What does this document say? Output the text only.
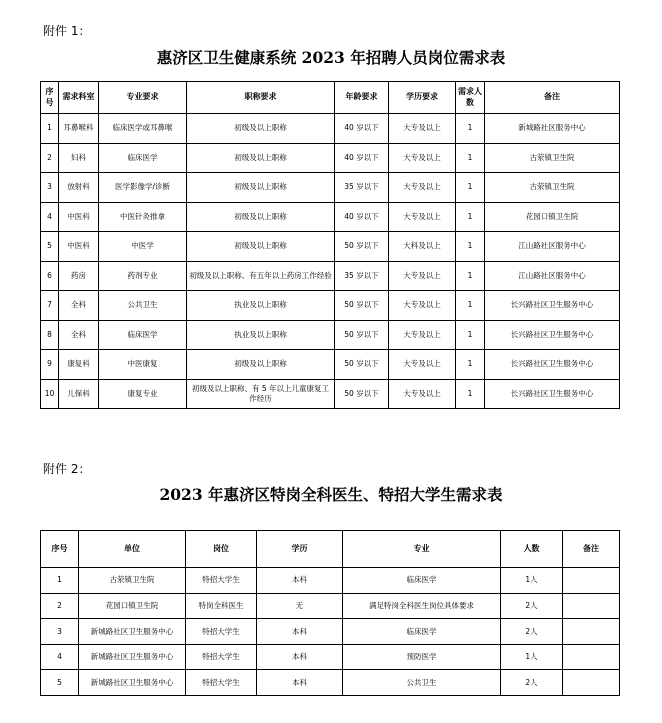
附件 1：
惠济区卫生健康系统 2023 年招聘人员岗位需求表
序号	需求科室	专业要求	职称要求	年龄要求	学历要求	需求人数	备注
1	耳鼻喉科	临床医学或耳鼻喉	初级及以上职称	40 岁以下	大专及以上	1	新城路社区服务中心
2	妇科	临床医学	初级及以上职称	40 岁以下	大专及以上	1	古荥镇卫生院
3	放射科	医学影像学/诊断	初级及以上职称	35 岁以下	大专及以上	1	古荥镇卫生院
4	中医科	中医针灸推拿	初级及以上职称	40 岁以下	大专及以上	1	花园口镇卫生院
5	中医科	中医学	初级及以上职称	50 岁以下	大科及以上	1	江山路社区服务中心
6	药房	药剂专业	初级及以上职称、有五年以上药房工作经验	35 岁以下	大专及以上	1	江山路社区服务中心
7	全科	公共卫生	执业及以上职称	50 岁以下	大专及以上	1	长兴路社区卫生服务中心
8	全科	临床医学	执业及以上职称	50 岁以下	大专及以上	1	长兴路社区卫生服务中心
9	康复科	中医康复	初级及以上职称	50 岁以下	大专及以上	1	长兴路社区卫生服务中心
10	儿保科	康复专业	初级及以上职称、有 5 年以上儿童康复工作经历	50 岁以下	大专及以上	1	长兴路社区卫生服务中心
附件 2：
2023 年惠济区特岗全科医生、特招大学生需求表
序号	单位	岗位	学历	专业	人数	备注
1	古荥镇卫生院	特招大学生	本科	临床医学	1人	
2	花园口镇卫生院	特岗全科医生	无	满足特岗全科医生岗位具体要求	2人	
3	新城路社区卫生服务中心	特招大学生	本科	临床医学	2人	
4	新城路社区卫生服务中心	特招大学生	本科	预防医学	1人	
5	新城路社区卫生服务中心	特招大学生	本科	公共卫生	2人	
